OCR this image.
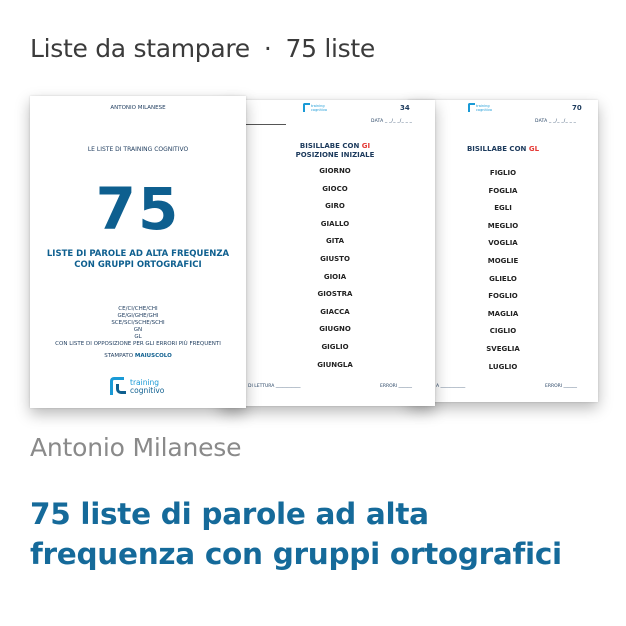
Liste da stampare · 75 liste
training
cognitivo	70
DATA _ _/_ _/_ _ _
BISILLABE CON GL
FIGLIO
FOGLIA
EGLI
MEGLIO
VOGLIA
MOGLIE
GLIELO
FOGLIO
MAGLIA
CIGLIO
SVEGLIA
LUGLIO
A ___________	ERRORI ______
training
cognitivo	34
DATA _ _/_ _/_ _ _
BISILLABE CON GI
POSIZIONE INIZIALE
GIORNO
GIOCO
GIRO
GIALLO
GITA
GIUSTO
GIOIA
GIOSTRA
GIACCA
GIUGNO
GIGLIO
GIUNGLA
DI LETTURA ___________	ERRORI ______
ANTONIO MILANESE
LE LISTE DI TRAINING COGNITIVO
75
LISTE DI PAROLE AD ALTA FREQUENZA
CON GRUPPI ORTOGRAFICI
CE/CI/CHE/CHI
GE/GI/GHE/GHI
SCE/SCI/SCHE/SCHI
GN
GL
CON LISTE DI OPPOSIZIONE PER GLI ERRORI PIÙ FREQUENTI
STAMPATO MAIUSCOLO
training
cognitivo
Antonio Milanese
75 liste di parole ad alta frequenza con gruppi ortografici
